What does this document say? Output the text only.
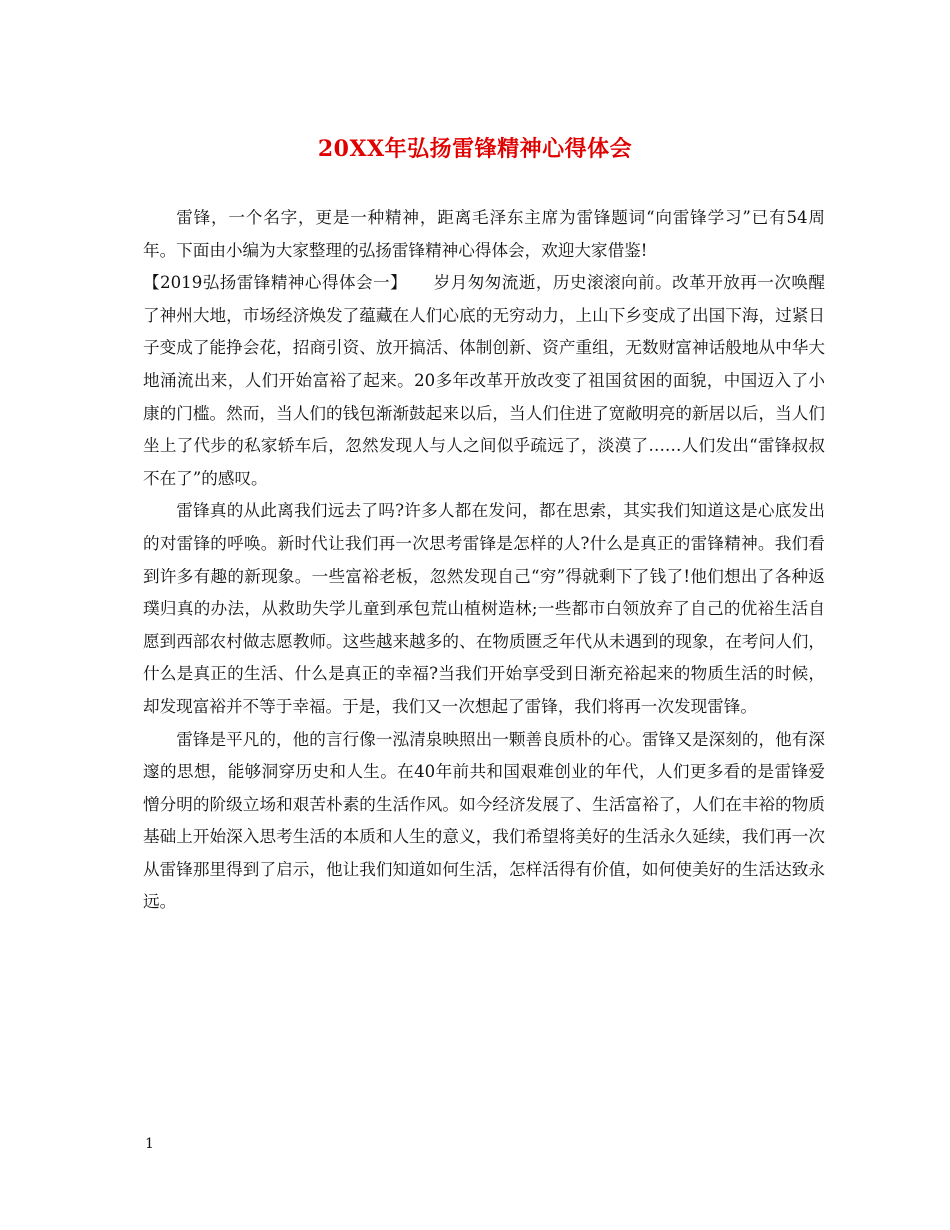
20XX年弘扬雷锋精神心得体会

雷锋，一个名字，更是一种精神，距离毛泽东主席为雷锋题词“向雷锋学习”已有54周年。下面由小编为大家整理的弘扬雷锋精神心得体会，欢迎大家借鉴!

【2019弘扬雷锋精神心得体会一】 岁月匆匆流逝，历史滚滚向前。改革开放再一次唤醒了神州大地，市场经济焕发了蕴藏在人们心底的无穷动力，上山下乡变成了出国下海，过紧日子变成了能挣会花，招商引资、放开搞活、体制创新、资产重组，无数财富神话般地从中华大地涌流出来，人们开始富裕了起来。20多年改革开放改变了祖国贫困的面貌，中国迈入了小康的门槛。然而，当人们的钱包渐渐鼓起来以后，当人们住进了宽敞明亮的新居以后，当人们坐上了代步的私家轿车后，忽然发现人与人之间似乎疏远了，淡漠了……人们发出“雷锋叔叔不在了”的感叹。

雷锋真的从此离我们远去了吗?许多人都在发问，都在思索，其实我们知道这是心底发出的对雷锋的呼唤。新时代让我们再一次思考雷锋是怎样的人?什么是真正的雷锋精神。我们看到许多有趣的新现象。一些富裕老板，忽然发现自己“穷”得就剩下了钱了!他们想出了各种返璞归真的办法，从救助失学儿童到承包荒山植树造林;一些都市白领放弃了自己的优裕生活自愿到西部农村做志愿教师。这些越来越多的、在物质匮乏年代从未遇到的现象，在考问人们，什么是真正的生活、什么是真正的幸福?当我们开始享受到日渐充裕起来的物质生活的时候，却发现富裕并不等于幸福。于是，我们又一次想起了雷锋，我们将再一次发现雷锋。

雷锋是平凡的，他的言行像一泓清泉映照出一颗善良质朴的心。雷锋又是深刻的，他有深邃的思想，能够洞穿历史和人生。在40年前共和国艰难创业的年代，人们更多看的是雷锋爱憎分明的阶级立场和艰苦朴素的生活作风。如今经济发展了、生活富裕了，人们在丰裕的物质基础上开始深入思考生活的本质和人生的意义，我们希望将美好的生活永久延续，我们再一次从雷锋那里得到了启示，他让我们知道如何生活，怎样活得有价值，如何使美好的生活达致永远。

1
